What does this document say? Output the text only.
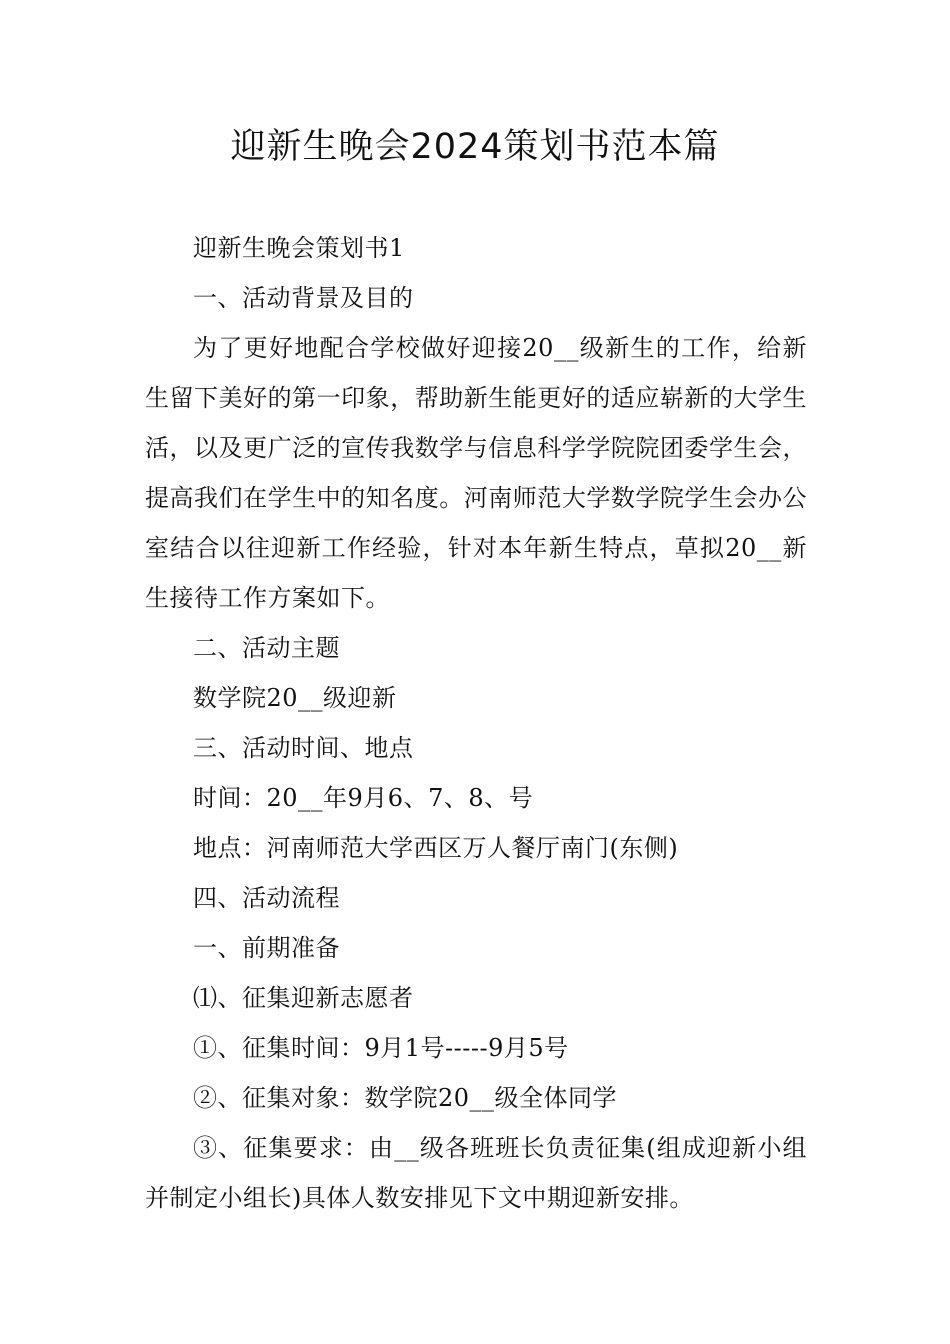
迎新生晚会2024策划书范本篇

迎新生晚会策划书1

一、活动背景及目的

为了更好地配合学校做好迎接20__级新生的工作，给新生留下美好的第一印象，帮助新生能更好的适应崭新的大学生活，以及更广泛的宣传我数学与信息科学学院院团委学生会，提高我们在学生中的知名度。河南师范大学数学院学生会办公室结合以往迎新工作经验，针对本年新生特点，草拟20__新生接待工作方案如下。

二、活动主题

数学院20__级迎新

三、活动时间、地点

时间：20__年9月6、7、8、号

地点：河南师范大学西区万人餐厅南门(东侧)

四、活动流程

一、前期准备

⑴、征集迎新志愿者

①、征集时间：9月1号-----9月5号

②、征集对象：数学院20__级全体同学

③、征集要求：由__级各班班长负责征集(组成迎新小组并制定小组长)具体人数安排见下文中期迎新安排。
